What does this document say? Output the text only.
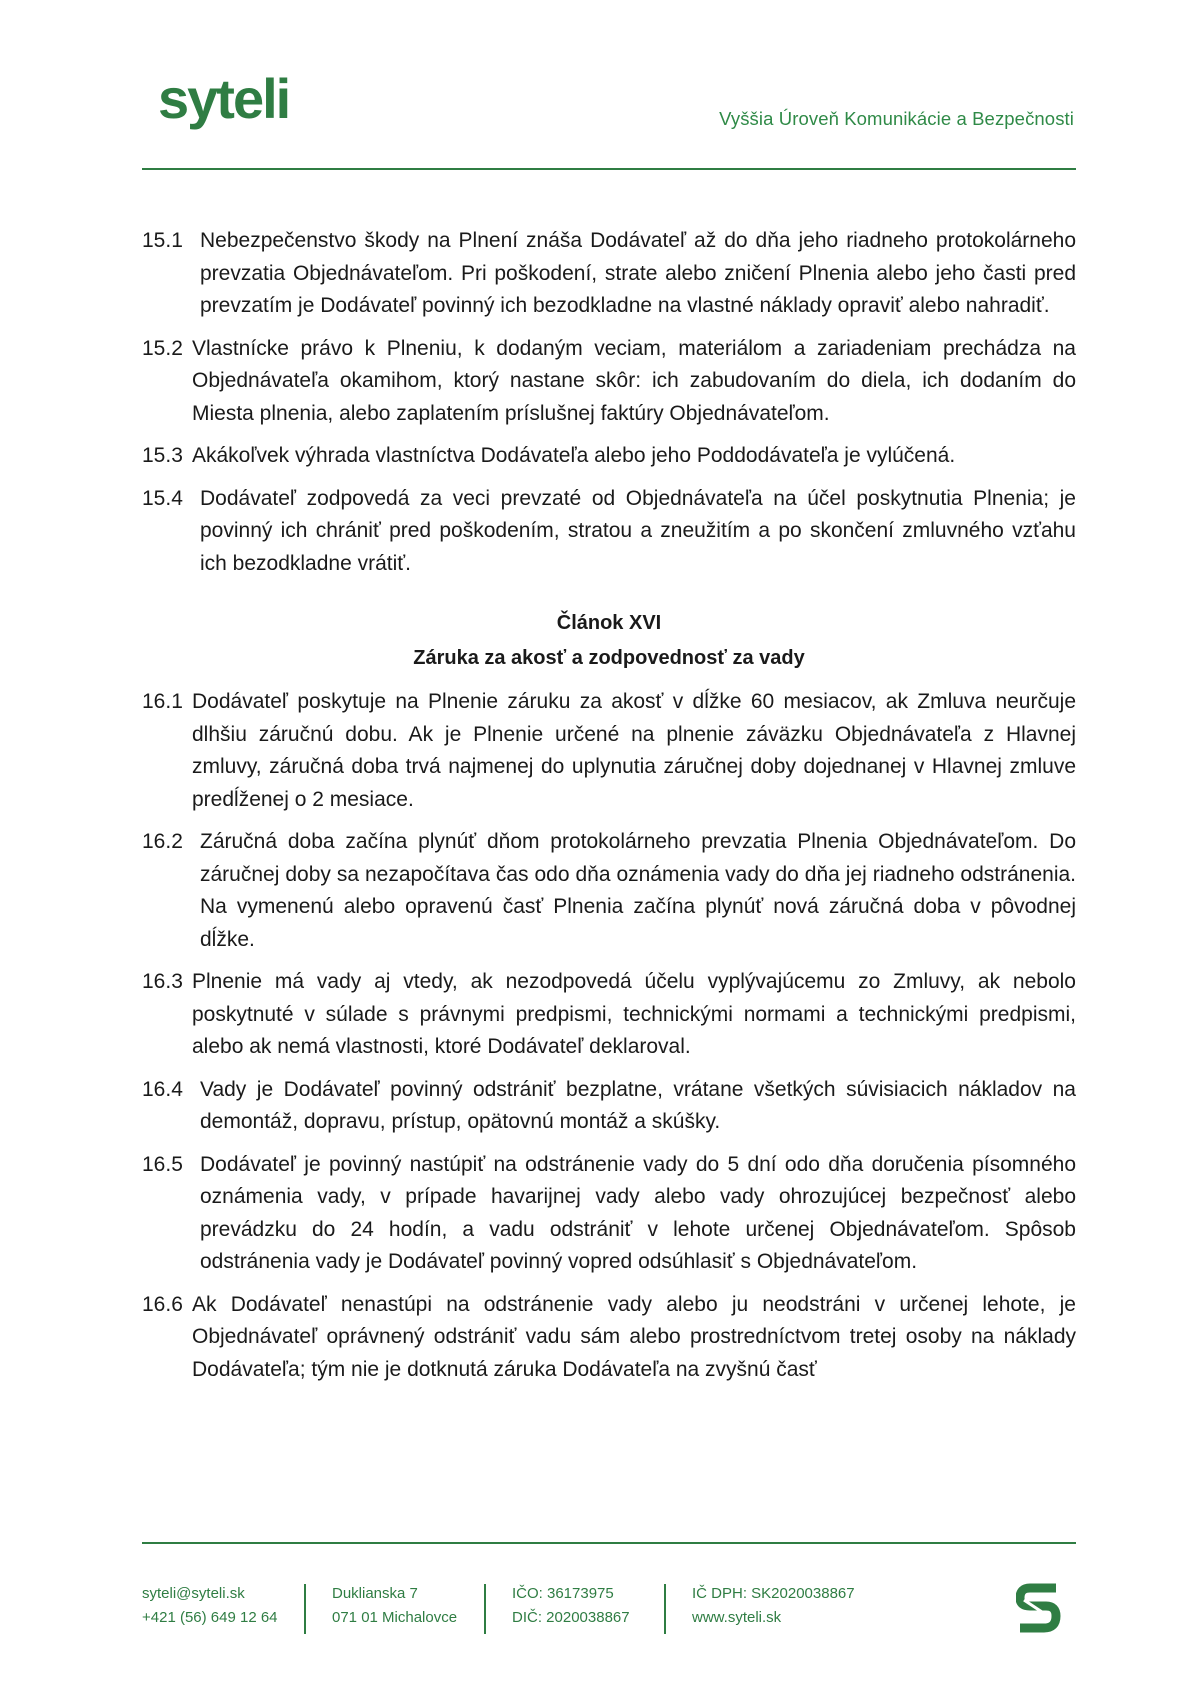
syteli	Vyššia Úroveň Komunikácie a Bezpečnosti
15.1 Nebezpečenstvo škody na Plnení znáša Dodávateľ až do dňa jeho riadneho protokolárneho prevzatia Objednávateľom. Pri poškodení, strate alebo zničení Plnenia alebo jeho časti pred prevzatím je Dodávateľ povinný ich bezodkladne na vlastné náklady opraviť alebo nahradiť.
15.2 Vlastnícke právo k Plneniu, k dodaným veciam, materiálom a zariadeniam prechádza na Objednávateľa okamihom, ktorý nastane skôr: ich zabudovaním do diela, ich dodaním do Miesta plnenia, alebo zaplatením príslušnej faktúry Objednávateľom.
15.3 Akákoľvek výhrada vlastníctva Dodávateľa alebo jeho Poddodávateľa je vylúčená.
15.4 Dodávateľ zodpovedá za veci prevzaté od Objednávateľa na účel poskytnutia Plnenia; je povinný ich chrániť pred poškodením, stratou a zneužitím a po skončení zmluvného vzťahu ich bezodkladne vrátiť.
Článok XVI
Záruka za akosť a zodpovednosť za vady
16.1 Dodávateľ poskytuje na Plnenie záruku za akosť v dĺžke 60 mesiacov, ak Zmluva neurčuje dlhšiu záručnú dobu. Ak je Plnenie určené na plnenie záväzku Objednávateľa z Hlavnej zmluvy, záručná doba trvá najmenej do uplynutia záručnej doby dojednanej v Hlavnej zmluve predĺženej o 2 mesiace.
16.2 Záručná doba začína plynúť dňom protokolárneho prevzatia Plnenia Objednávateľom. Do záručnej doby sa nezapočítava čas odo dňa oznámenia vady do dňa jej riadneho odstránenia. Na vymenenú alebo opravenú časť Plnenia začína plynúť nová záručná doba v pôvodnej dĺžke.
16.3 Plnenie má vady aj vtedy, ak nezodpovedá účelu vyplývajúcemu zo Zmluvy, ak nebolo poskytnuté v súlade s právnymi predpismi, technickými normami a technickými predpismi, alebo ak nemá vlastnosti, ktoré Dodávateľ deklaroval.
16.4 Vady je Dodávateľ povinný odstrániť bezplatne, vrátane všetkých súvisiacich nákladov na demontáž, dopravu, prístup, opätovnú montáž a skúšky.
16.5 Dodávateľ je povinný nastúpiť na odstránenie vady do 5 dní odo dňa doručenia písomného oznámenia vady, v prípade havarijnej vady alebo vady ohrozujúcej bezpečnosť alebo prevádzku do 24 hodín, a vadu odstrániť v lehote určenej Objednávateľom. Spôsob odstránenia vady je Dodávateľ povinný vopred odsúhlasiť s Objednávateľom.
16.6 Ak Dodávateľ nenastúpi na odstránenie vady alebo ju neodstráni v určenej lehote, je Objednávateľ oprávnený odstrániť vadu sám alebo prostredníctvom tretej osoby na náklady Dodávateľa; tým nie je dotknutá záruka Dodávateľa na zvyšnú časť
syteli@syteli.sk
+421 (56) 649 12 64
Duklianska 7
071 01 Michalovce
IČO: 36173975
DIČ: 2020038867
IČ DPH: SK2020038867
www.syteli.sk
